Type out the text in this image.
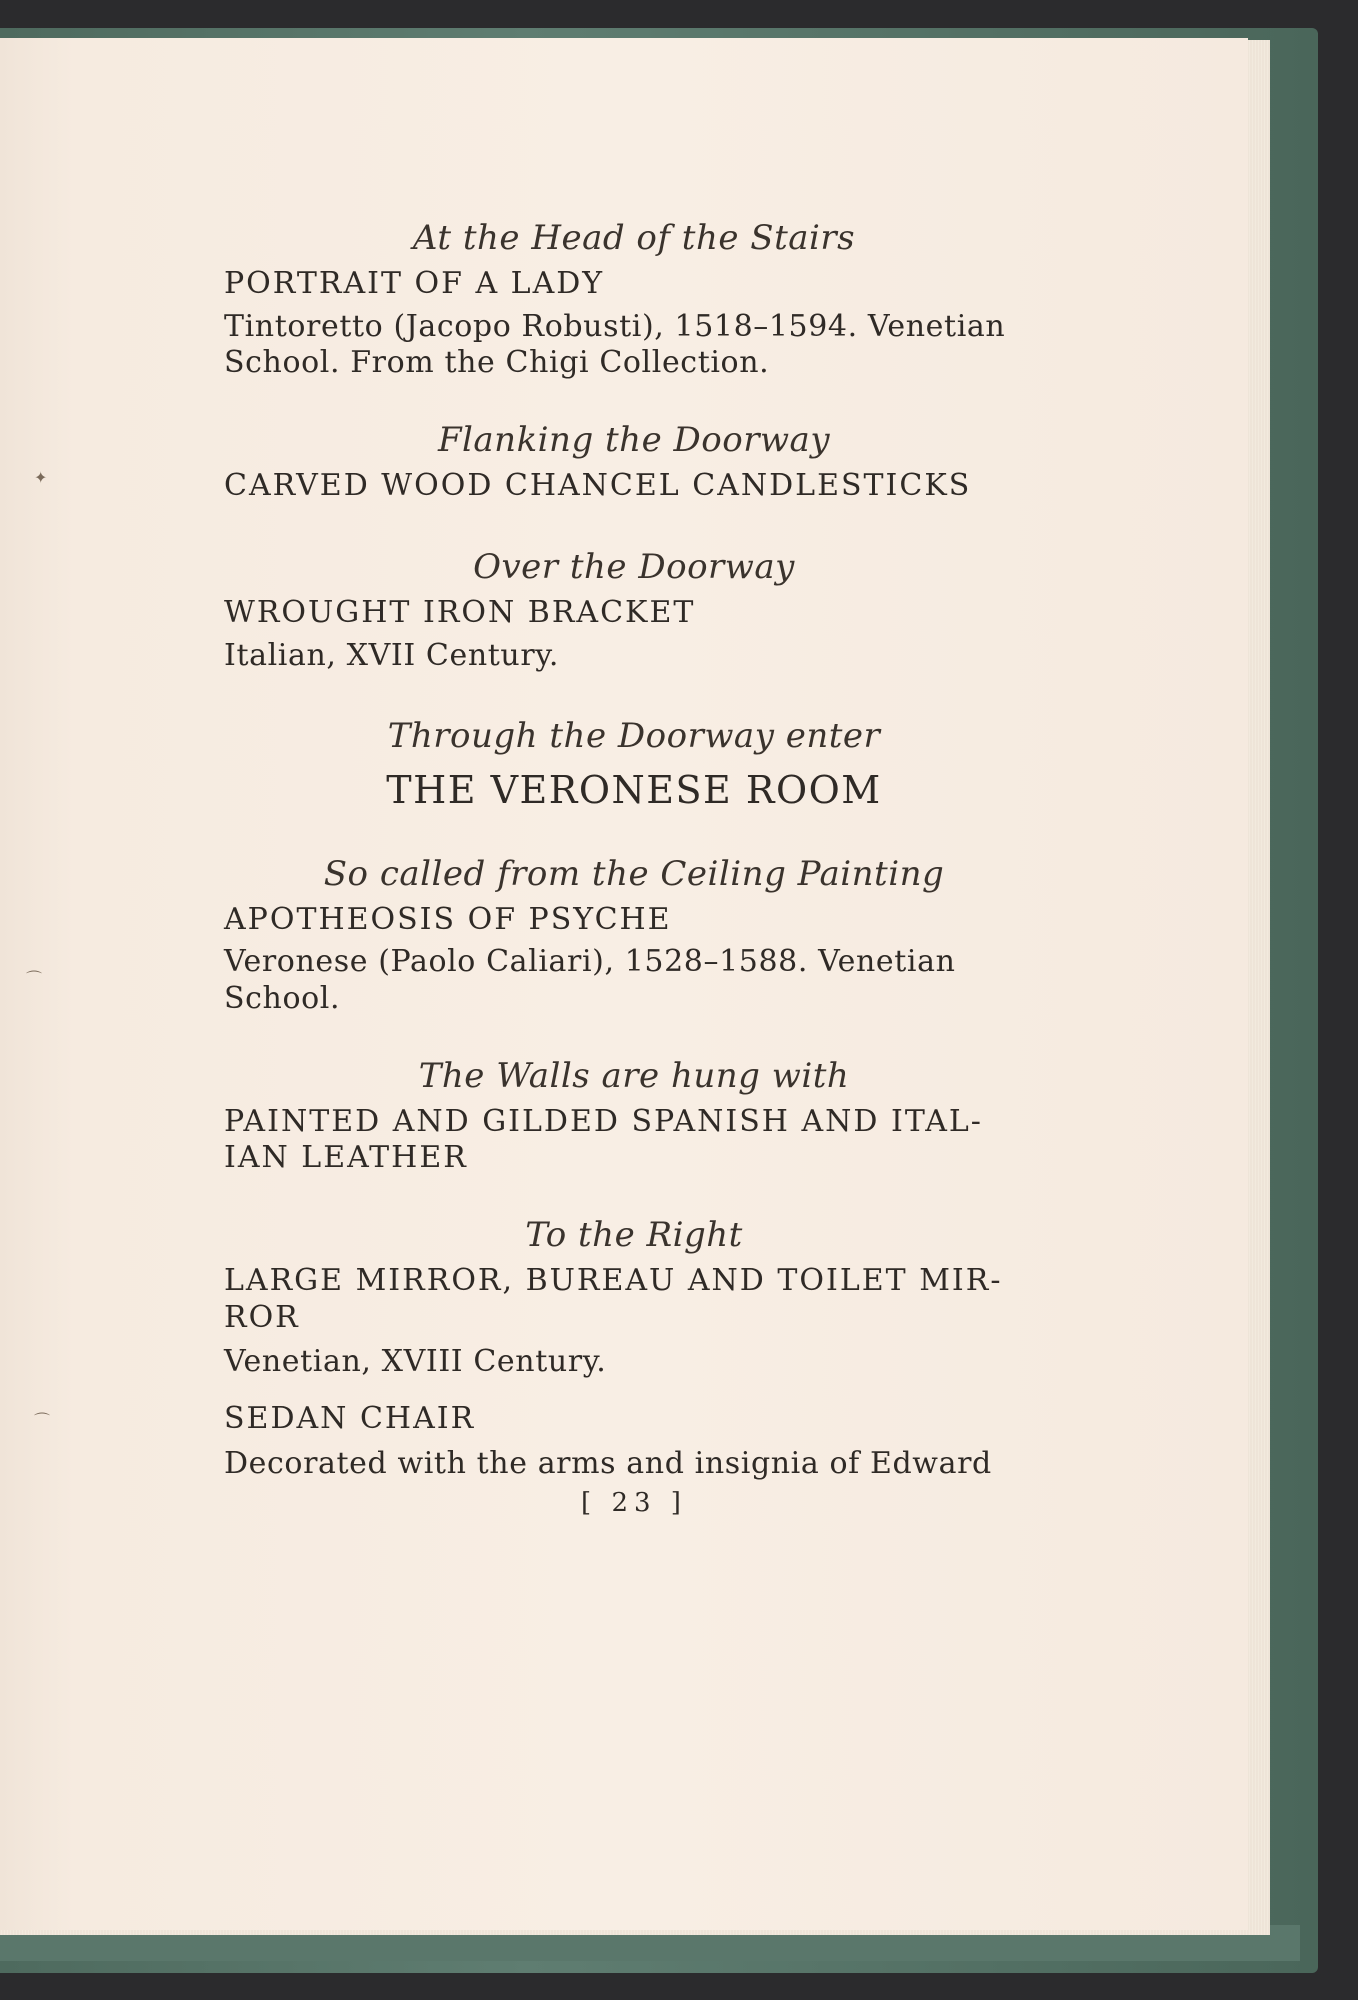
✦
⌒
⌒

At the Head of the Stairs

PORTRAIT OF A LADY

Tintoretto (Jacopo Robusti), 1518–1594. Venetian

School. From the Chigi Collection.

Flanking the Doorway

CARVED WOOD CHANCEL CANDLESTICKS

Over the Doorway

WROUGHT IRON BRACKET

Italian, XVII Century.

Through the Doorway enter

THE VERONESE ROOM

So called from the Ceiling Painting

APOTHEOSIS OF PSYCHE

Veronese (Paolo Caliari), 1528–1588. Venetian

School.

The Walls are hung with

PAINTED AND GILDED SPANISH AND ITAL-

IAN LEATHER

To the Right

LARGE MIRROR, BUREAU AND TOILET MIR-

ROR

Venetian, XVIII Century.

SEDAN CHAIR

Decorated with the arms and insignia of Edward

[ 23 ]
